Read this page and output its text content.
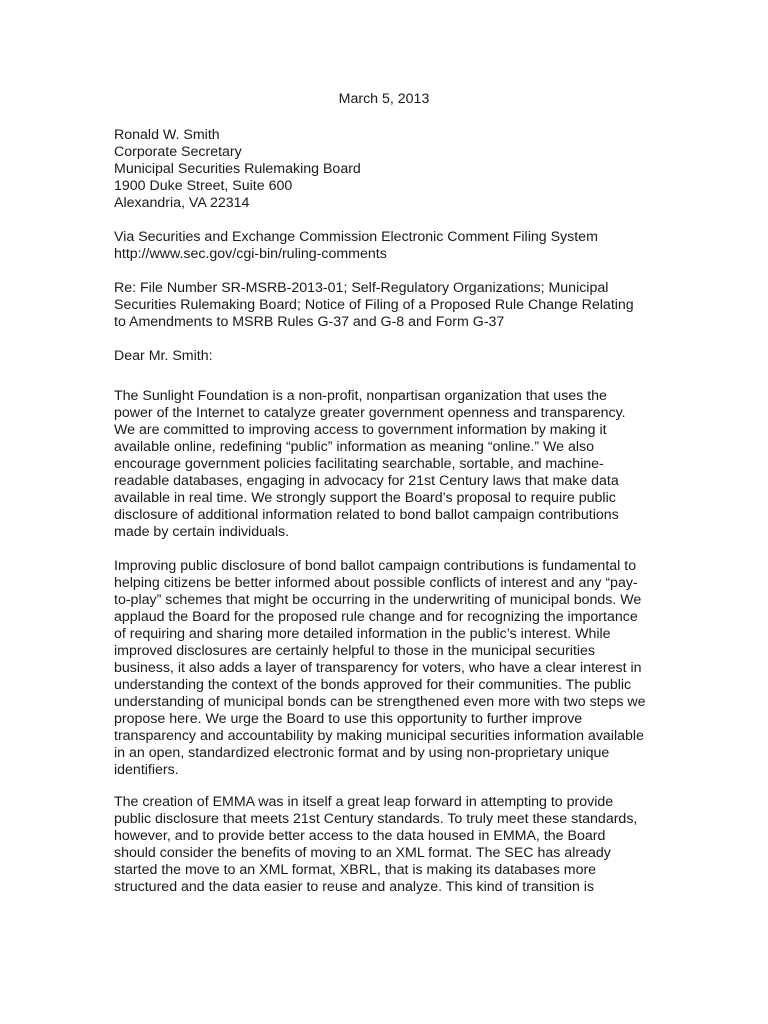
March 5, 2013
Ronald W. Smith
Corporate Secretary
Municipal Securities Rulemaking Board
1900 Duke Street, Suite 600
Alexandria, VA 22314
Via Securities and Exchange Commission Electronic Comment Filing System
http://www.sec.gov/cgi-bin/ruling-comments
Re: File Number SR-MSRB-2013-01; Self-Regulatory Organizations; Municipal
Securities Rulemaking Board; Notice of Filing of a Proposed Rule Change Relating
to Amendments to MSRB Rules G-37 and G-8 and Form G-37
Dear Mr. Smith:
The Sunlight Foundation is a non-profit, nonpartisan organization that uses the
power of the Internet to catalyze greater government openness and transparency.
We are committed to improving access to government information by making it
available online, redefining “public” information as meaning “online.” We also
encourage government policies facilitating searchable, sortable, and machine-
readable databases, engaging in advocacy for 21st Century laws that make data
available in real time. We strongly support the Board’s proposal to require public
disclosure of additional information related to bond ballot campaign contributions
made by certain individuals.
Improving public disclosure of bond ballot campaign contributions is fundamental to
helping citizens be better informed about possible conflicts of interest and any “pay-
to-play” schemes that might be occurring in the underwriting of municipal bonds. We
applaud the Board for the proposed rule change and for recognizing the importance
of requiring and sharing more detailed information in the public’s interest. While
improved disclosures are certainly helpful to those in the municipal securities
business, it also adds a layer of transparency for voters, who have a clear interest in
understanding the context of the bonds approved for their communities. The public
understanding of municipal bonds can be strengthened even more with two steps we
propose here. We urge the Board to use this opportunity to further improve
transparency and accountability by making municipal securities information available
in an open, standardized electronic format and by using non-proprietary unique
identifiers.
The creation of EMMA was in itself a great leap forward in attempting to provide
public disclosure that meets 21st Century standards. To truly meet these standards,
however, and to provide better access to the data housed in EMMA, the Board
should consider the benefits of moving to an XML format. The SEC has already
started the move to an XML format, XBRL, that is making its databases more
structured and the data easier to reuse and analyze. This kind of transition is
